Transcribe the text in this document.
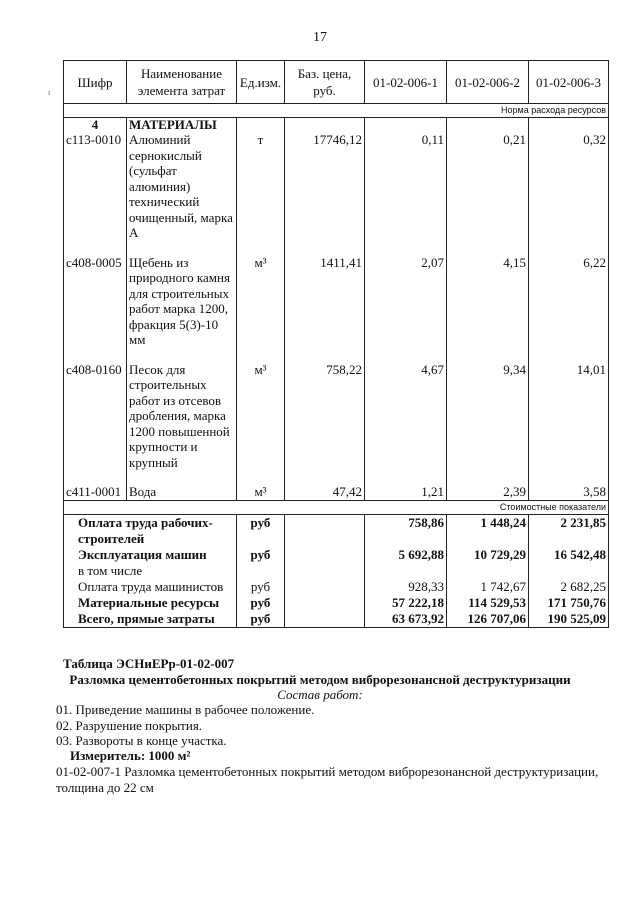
17
ı
Шифр	Наименование элемента затрат	Ед.изм.	Баз. цена, руб.	01-02-006-1	01-02-006-2	01-02-006-3
Норма расхода ресурсов						
4	МАТЕРИАЛЫ					
с113-0010	Алюминий сернокислый (сульфат алюминия) технический очищенный, марка А	т	17746,12	0,11	0,21	0,32

с408-0005	Щебень из природного камня для строительных работ марка 1200, фракция 5(3)-10 мм	м³	1411,41	2,07	4,15	6,22

с408-0160	Песок для строительных работ из отсевов дробления, марка 1200 повышенной крупности и крупный	м³	758,22	4,67	9,34	14,01

с411-0001	Вода	м³	47,42	1,21	2,39	3,58
Стоимостные показатели						
Оплата труда рабочих-строителей		руб		758,86	1 448,24	2 231,85
Эксплуатация машин		руб		5 692,88	10 729,29	16 542,48
в том числе						
Оплата труда машинистов		руб		928,33	1 742,67	2 682,25
Материальные ресурсы		руб		57 222,18	114 529,53	171 750,76
Всего, прямые затраты		руб		63 673,92	126 707,06	190 525,09
Таблица ЭСНиЕРр-01-02-007
Разломка цементобетонных покрытий методом виброрезонансной деструктуризации
Состав работ:
01. Приведение машины в рабочее положение.
02. Разрушение покрытия.
03. Развороты в конце участка.
Измеритель: 1000 м²
01-02-007-1 Разломка цементобетонных покрытий методом виброрезонансной деструктуризации, толщина до 22 см
